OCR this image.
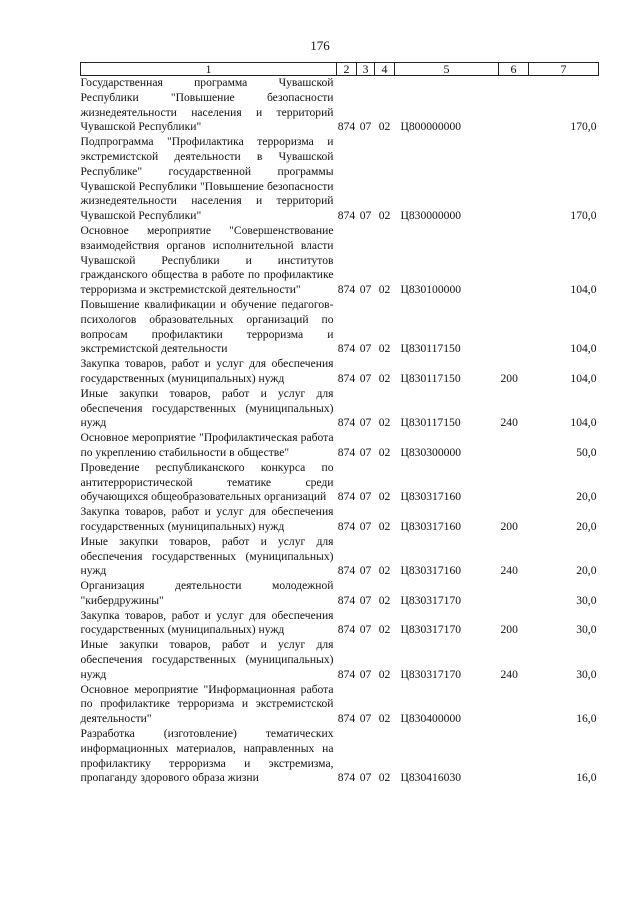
176
1	2	3	4	5	6	7
Государственная программа Чувашской Республики "Повышение безопасности жизнедеятельности населения и территорий Чувашской Республики"	874	07	02	Ц800000000		170,0
Подпрограмма "Профилактика терроризма и экстремистской деятельности в Чувашской Республике" государственной программы Чувашской Республики "Повышение безопасности жизнедеятельности населения и территорий Чувашской Республики"	874	07	02	Ц830000000		170,0
Основное мероприятие "Совершенствование взаимодействия органов исполнительной власти Чувашской Республики и институтов гражданского общества в работе по профилактике терроризма и экстремистской деятельности"	874	07	02	Ц830100000		104,0
Повышение квалификации и обучение педагогов-психологов образовательных организаций по вопросам профилактики терроризма и экстремистской деятельности	874	07	02	Ц830117150		104,0
Закупка товаров, работ и услуг для обеспечения государственных (муниципальных) нужд	874	07	02	Ц830117150	200	104,0
Иные закупки товаров, работ и услуг для обеспечения государственных (муниципальных) нужд	874	07	02	Ц830117150	240	104,0
Основное мероприятие "Профилактическая работа по укреплению стабильности в обществе"	874	07	02	Ц830300000		50,0
Проведение республиканского конкурса по антитеррористической тематике среди обучающихся общеобразовательных организаций	874	07	02	Ц830317160		20,0
Закупка товаров, работ и услуг для обеспечения государственных (муниципальных) нужд	874	07	02	Ц830317160	200	20,0
Иные закупки товаров, работ и услуг для обеспечения государственных (муниципальных) нужд	874	07	02	Ц830317160	240	20,0
Организация деятельности молодежной "кибердружины"	874	07	02	Ц830317170		30,0
Закупка товаров, работ и услуг для обеспечения государственных (муниципальных) нужд	874	07	02	Ц830317170	200	30,0
Иные закупки товаров, работ и услуг для обеспечения государственных (муниципальных) нужд	874	07	02	Ц830317170	240	30,0
Основное мероприятие "Информационная работа по профилактике терроризма и экстремистской деятельности"	874	07	02	Ц830400000		16,0
Разработка (изготовление) тематических информационных материалов, направленных на профилактику терроризма и экстремизма, пропаганду здорового образа жизни	874	07	02	Ц830416030		16,0
